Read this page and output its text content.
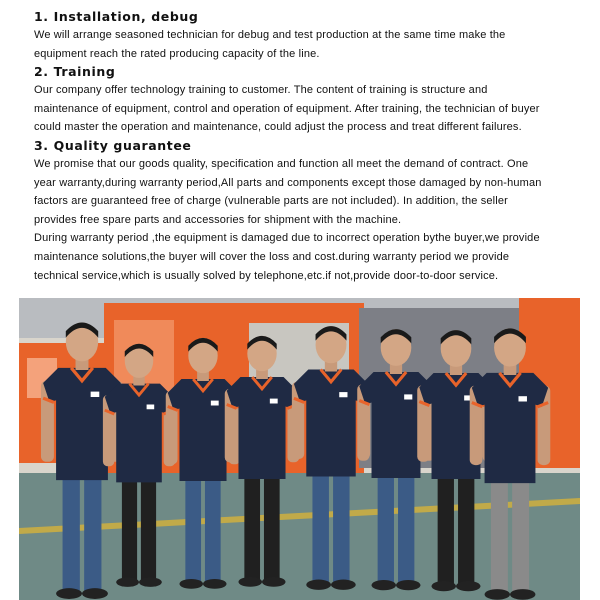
1. Installation, debug

We will arrange seasoned technician for debug and test production at the same time make the
equipment reach the rated producing capacity of the line.

2. Training

Our company offer technology training to customer. The content of training is structure and
maintenance of equipment, control and operation of equipment. After training, the technician of buyer
could master the operation and maintenance, could adjust the process and treat different failures.

3. Quality guarantee

We promise that our goods quality, specification and function all meet the demand of contract. One
year warranty,during warranty period,All parts and components except those damaged by non-human
factors are guaranteed free of charge (vulnerable parts are not included). In addition, the seller
provides free spare parts and accessories for shipment with the machine.
During warranty period ,the equipment is damaged due to incorrect operation bythe buyer,we provide
maintenance solutions,the buyer will cover the loss and cost.during warranty period we provide
technical service,which is usually solved by telephone,etc.if not,provide door-to-door service.
